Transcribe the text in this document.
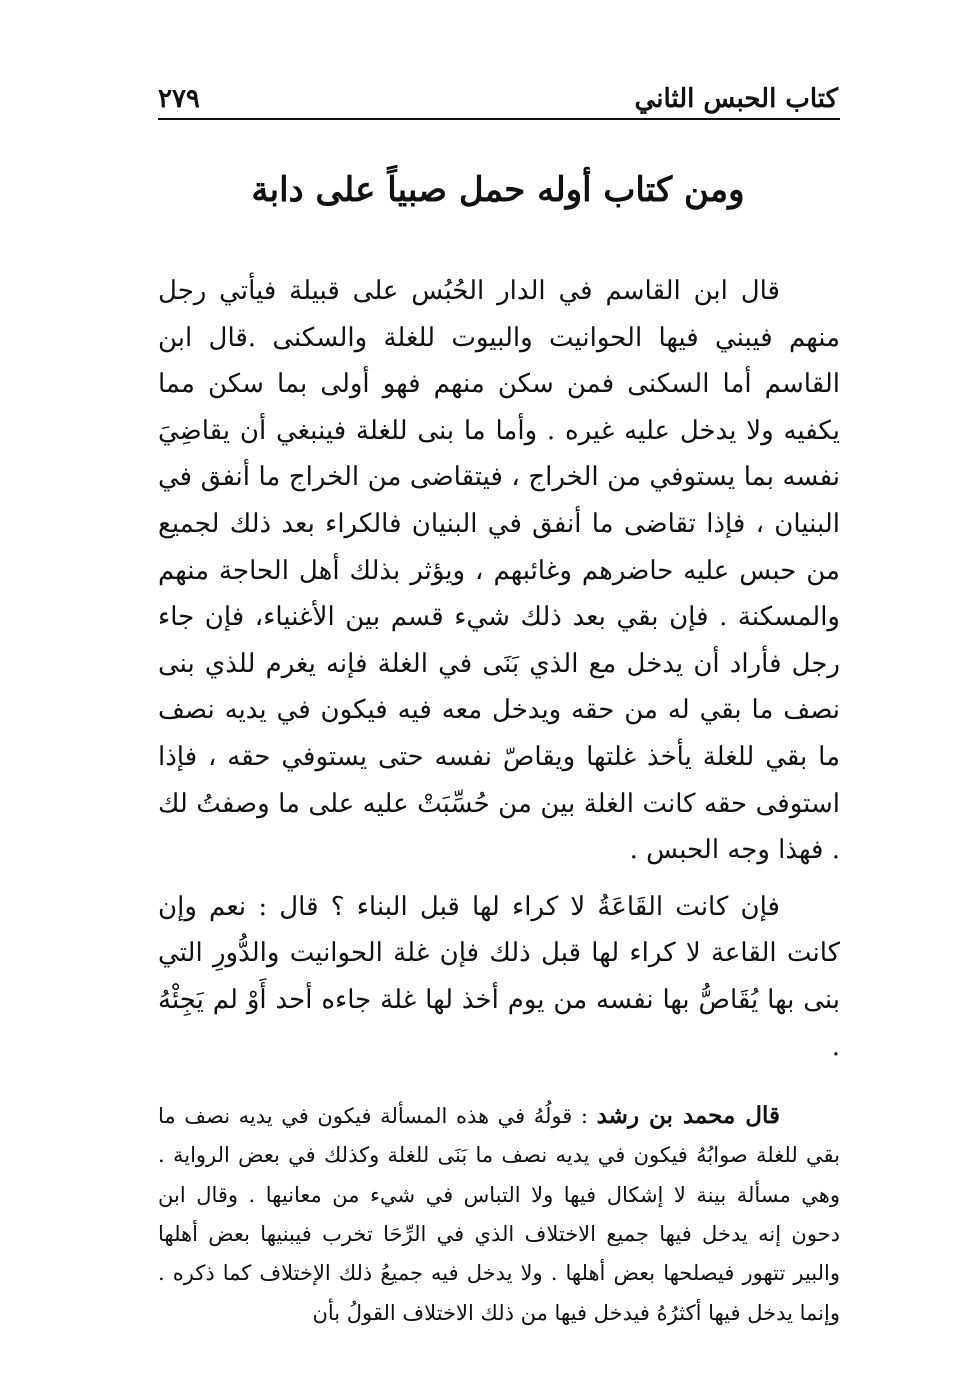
كتاب الحبس الثاني
٢٧٩
ومن كتاب أوله حمل صبياً على دابة

قال ابن القاسم في الدار الحُبُس على قبيلة فيأتي رجل منهم فيبني فيها الحوانيت والبيوت للغلة والسكنى .قال ابن القاسم أما السكنى فمن سكن منهم فهو أولى بما سكن مما يكفيه ولا يدخل عليه غيره . وأما ما بنى للغلة فينبغي أن يقاضِيَ نفسه بما يستوفي من الخراج ، فيتقاضى من الخراج ما أنفق في البنيان ، فإذا تقاضى ما أنفق في البنيان فالكراء بعد ذلك لجميع من حبس عليه حاضرهم وغائبهم ، ويؤثر بذلك أهل الحاجة منهم والمسكنة . فإن بقي بعد ذلك شيء قسم بين الأغنياء، فإن جاء رجل فأراد أن يدخل مع الذي بَنَى في الغلة فإنه يغرم للذي بنى نصف ما بقي له من حقه ويدخل معه فيه فيكون في يديه نصف ما بقي للغلة يأخذ غلتها ويقاصّ نفسه حتى يستوفي حقه ، فإذا استوفى حقه كانت الغلة بين من حُسِّبَتْ عليه على ما وصفتُ لك . فهذا وجه الحبس .

فإن كانت القَاعَةُ لا كراء لها قبل البناء ؟ قال : نعم وإن كانت القاعة لا كراء لها قبل ذلك فإن غلة الحوانيت والدُّورِ التي بنى بها يُقَاصُّ بها نفسه من يوم أخذ لها غلة جاءه أحد أَوْ لم يَجِئْهُ .

قال محمد بن رشد : قولُهُ في هذه المسألة فيكون في يديه نصف ما بقي للغلة صوابُهُ فيكون في يديه نصف ما بَنَى للغلة وكذلك في بعض الرواية . وهي مسألة بينة لا إشكال فيها ولا التباس في شيء من معانيها . وقال ابن دحون إنه يدخل فيها جميع الاختلاف الذي في الرِّحَا تخرب فيبنيها بعض أهلها والبير تتهور فيصلحها بعض أهلها . ولا يدخل فيه جميعُ ذلك الإختلاف كما ذكره . وإنما يدخل فيها أكثرُهُ فيدخل فيها من ذلك الاختلاف القولُ بأن
